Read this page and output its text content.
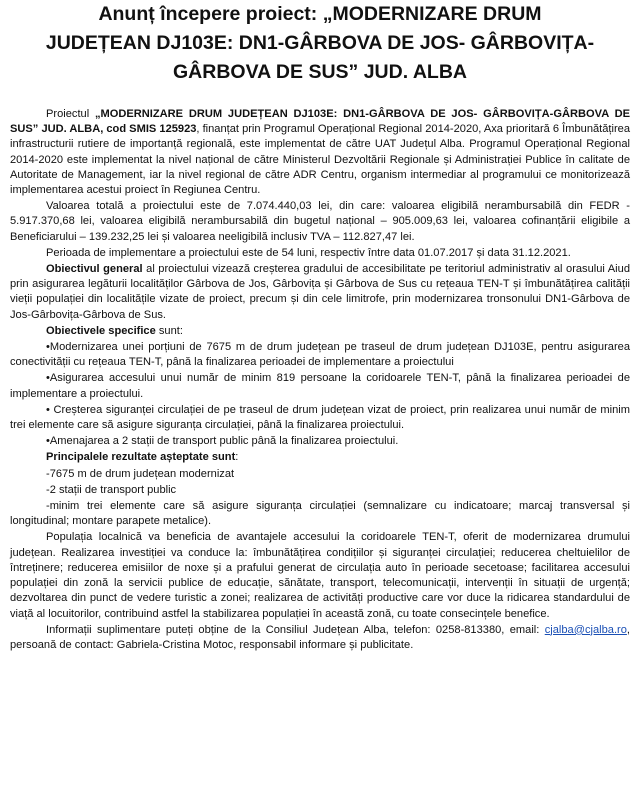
Anunț începere proiect: „MODERNIZARE DRUM
JUDEȚEAN DJ103E: DN1-GÂRBOVA DE JOS- GÂRBOVIȚA-
GÂRBOVA DE SUS” JUD. ALBA

Proiectul „MODERNIZARE DRUM JUDEȚEAN DJ103E: DN1-GÂRBOVA DE JOS- GÂRBOVIȚA-GÂRBOVA DE SUS” JUD. ALBA, cod SMIS 125923, finanțat prin Programul Operațional Regional 2014-2020, Axa prioritară 6 Îmbunătățirea infrastructurii rutiere de importanță regională, este implementat de către UAT Județul Alba. Programul Operațional Regional 2014-2020 este implementat la nivel național de către Ministerul Dezvoltării Regionale și Administrației Publice în calitate de Autoritate de Management, iar la nivel regional de către ADR Centru, organism intermediar al programului ce monitorizează implementarea acestui proiect în Regiunea Centru.

Valoarea totală a proiectului este de 7.074.440,03 lei, din care: valoarea eligibilă nerambursabilă din FEDR - 5.917.370,68 lei, valoarea eligibilă nerambursabilă din bugetul național – 905.009,63 lei, valoarea cofinanțării eligibile a Beneficiarului – 139.232,25 lei și valoarea neeligibilă inclusiv TVA – 112.827,47 lei.

Perioada de implementare a proiectului este de 54 luni, respectiv între data 01.07.2017 și data 31.12.2021.

Obiectivul general al proiectului vizează creșterea gradului de accesibilitate pe teritoriul administrativ al orasului Aiud prin asigurarea legăturii localităților Gârbova de Jos, Gârbovița și Gârbova de Sus cu rețeaua TEN-T și îmbunătățirea calității vieții populației din localitățile vizate de proiect, precum și din cele limitrofe, prin modernizarea tronsonului DN1-Gârbova de Jos-Gârbovița-Gârbova de Sus.

Obiectivele specifice sunt:

•Modernizarea unei porțiuni de 7675 m de drum județean pe traseul de drum județean DJ103E, pentru asigurarea conectivității cu rețeaua TEN-T, până la finalizarea perioadei de implementare a proiectului

•Asigurarea accesului unui număr de minim 819 persoane la coridoarele TEN-T, până la finalizarea perioadei de implementare a proiectului.

• Creșterea siguranței circulației de pe traseul de drum județean vizat de proiect, prin realizarea unui număr de minim trei elemente care să asigure siguranța circulației, până la finalizarea proiectului.

•Amenajarea a 2 stații de transport public până la finalizarea proiectului.

Principalele rezultate așteptate sunt:

-7675 m de drum județean modernizat

-2 stații de transport public

-minim trei elemente care să asigure siguranța circulației (semnalizare cu indicatoare; marcaj transversal și longitudinal; montare parapete metalice).

Populația localnică va beneficia de avantajele accesului la coridoarele TEN-T, oferit de modernizarea drumului județean. Realizarea investiției va conduce la: îmbunătățirea condițiilor și siguranței circulației; reducerea cheltuielilor de întreținere; reducerea emisiilor de noxe și a prafului generat de circulația auto în perioade secetoase; facilitarea accesului populației din zonă la servicii publice de educație, sănătate, transport, telecomunicații, intervenții în situații de urgență; dezvoltarea din punct de vedere turistic a zonei; realizarea de activități productive care vor duce la ridicarea standardului de viață al locuitorilor, contribuind astfel la stabilizarea populației în această zonă, cu toate consecințele benefice.

Informații suplimentare puteți obține de la Consiliul Județean Alba, telefon: 0258-813380, email: cjalba@cjalba.ro, persoană de contact: Gabriela-Cristina Motoc, responsabil informare și publicitate.
